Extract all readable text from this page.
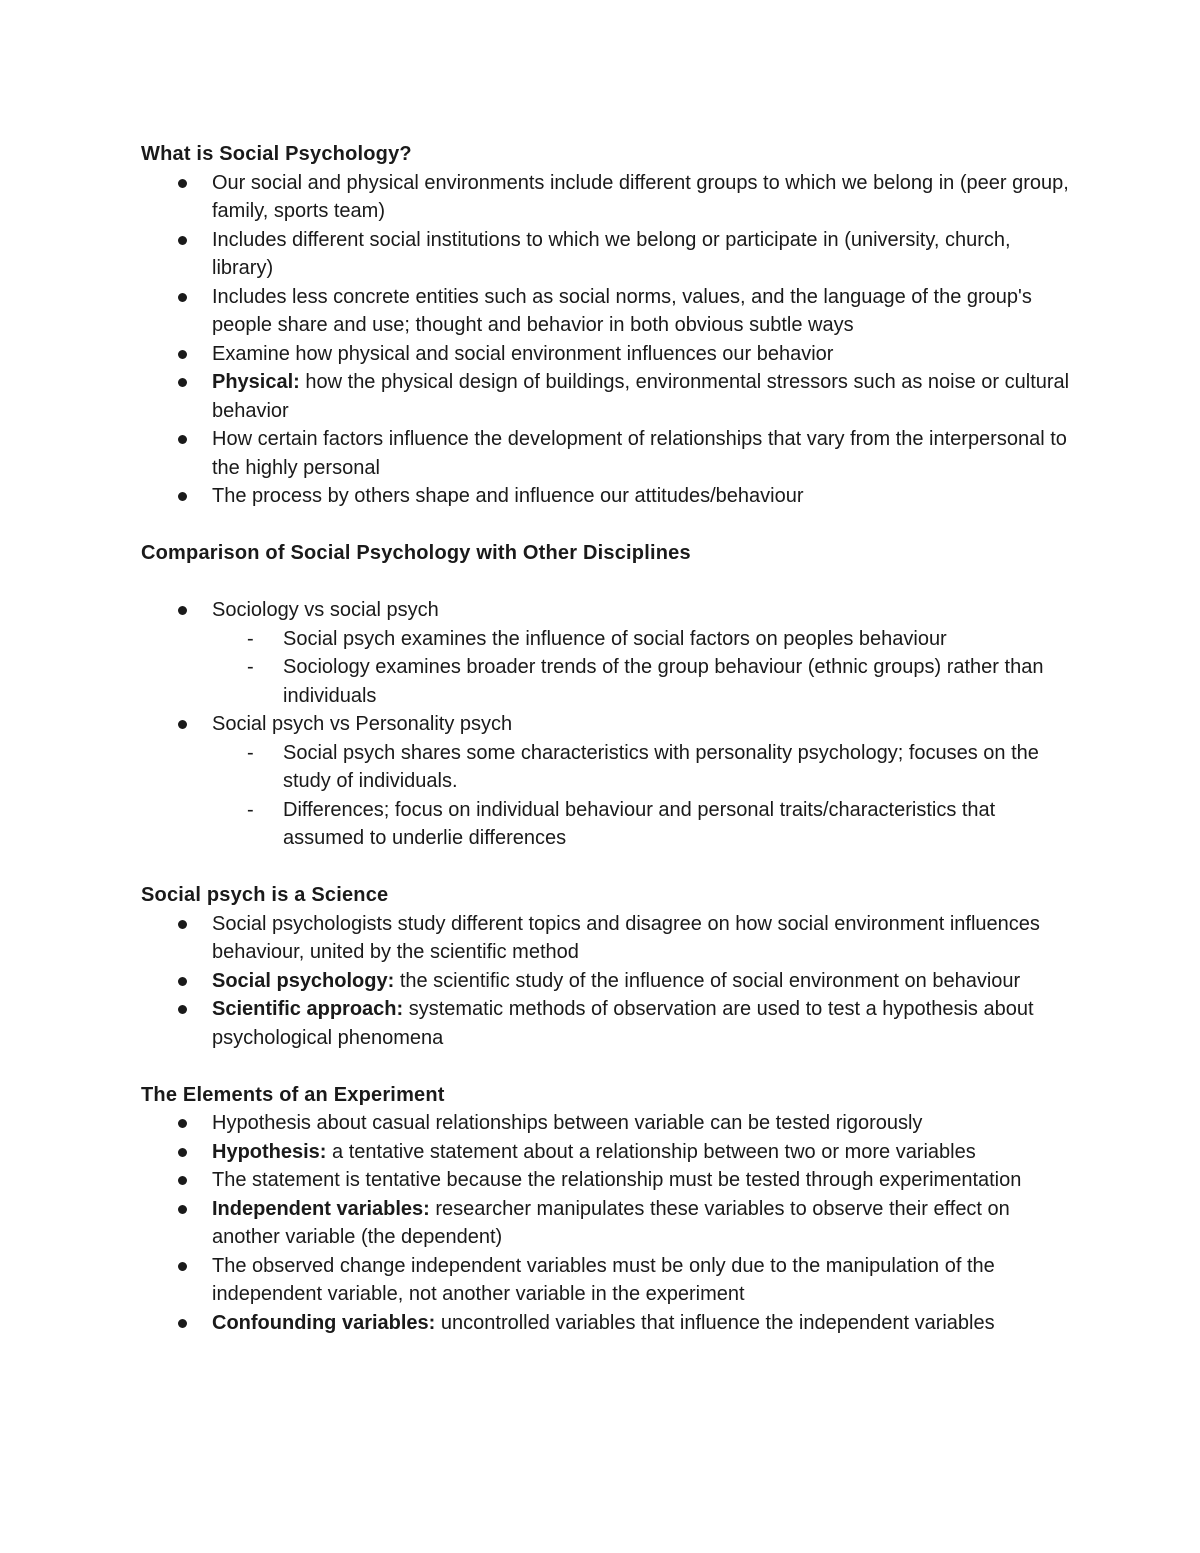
What is Social Psychology?

Our social and physical environments include different groups to which we belong in (peer group, family, sports team)
Includes different social institutions to which we belong or participate in (university, church, library)
Includes less concrete entities such as social norms, values, and the language of the group's people share and use; thought and behavior in both obvious subtle ways
Examine how physical and social environment influences our behavior
Physical: how the physical design of buildings, environmental stressors such as noise or cultural behavior
How certain factors influence the development of relationships that vary from the interpersonal to the highly personal
The process by others shape and influence our attitudes/behaviour

Comparison of Social Psychology with Other Disciplines

Sociology vs social psych
- Social psych examines the influence of social factors on peoples behaviour
- Sociology examines broader trends of the group behaviour (ethnic groups) rather than individuals
Social psych vs Personality psych
- Social psych shares some characteristics with personality psychology; focuses on the study of individuals.
- Differences; focus on individual behaviour and personal traits/characteristics that assumed to underlie differences

Social psych is a Science

Social psychologists study different topics and disagree on how social environment influences behaviour, united by the scientific method
Social psychology: the scientific study of the influence of social environment on behaviour
Scientific approach: systematic methods of observation are used to test a hypothesis about psychological phenomena

The Elements of an Experiment

Hypothesis about casual relationships between variable can be tested rigorously
Hypothesis: a tentative statement about a relationship between two or more variables
The statement is tentative because the relationship must be tested through experimentation
Independent variables: researcher manipulates these variables to observe their effect on another variable (the dependent)
The observed change independent variables must be only due to the manipulation of the independent variable, not another variable in the experiment
Confounding variables: uncontrolled variables that influence the independent variables
